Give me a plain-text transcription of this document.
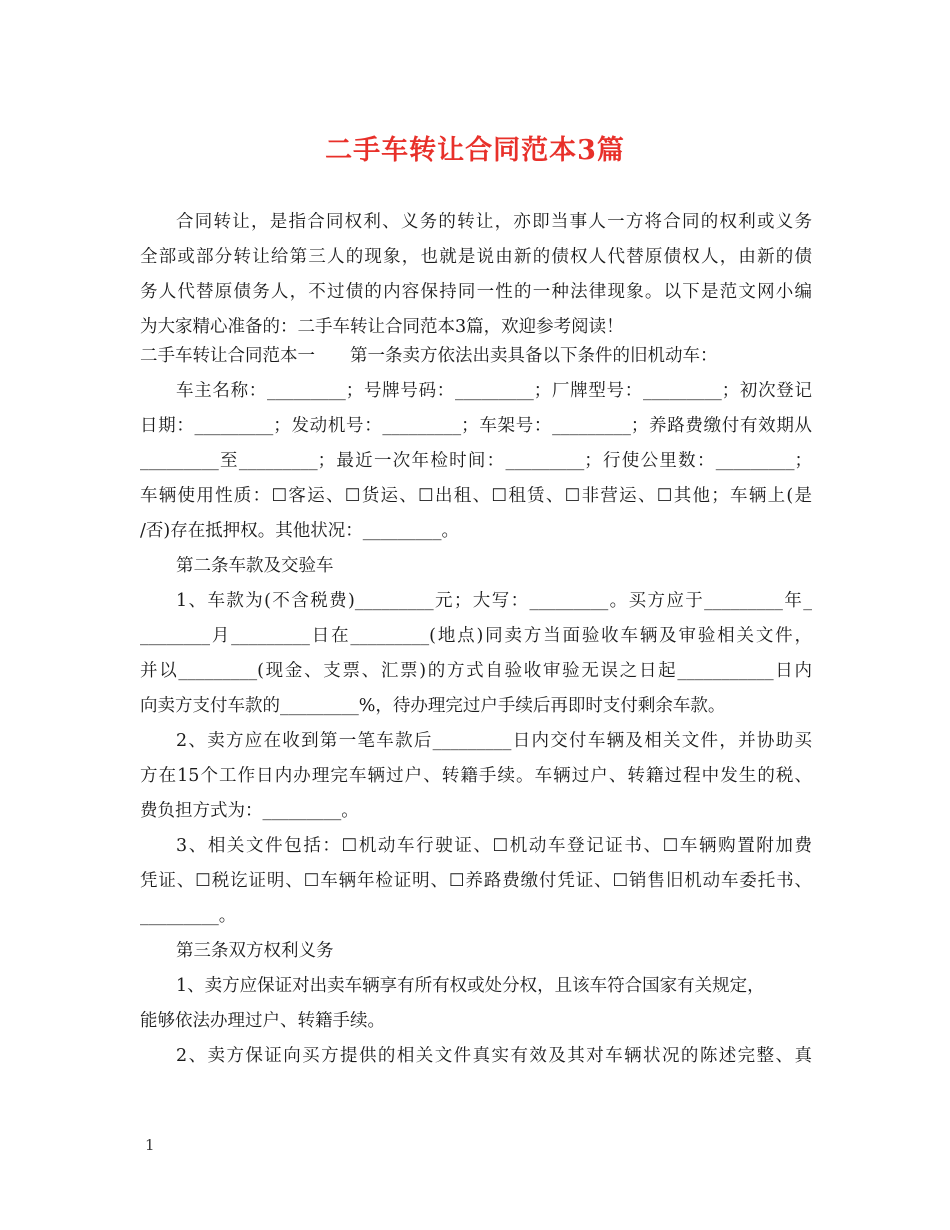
二手车转让合同范本3篇
合同转让，是指合同权利、义务的转让，亦即当事人一方将合同的权利或义务
全部或部分转让给第三人的现象，也就是说由新的债权人代替原债权人，由新的债
务人代替原债务人，不过债的内容保持同一性的一种法律现象。以下是范文网小编
为大家精心准备的：二手车转让合同范本3篇，欢迎参考阅读！
二手车转让合同范本一　　第一条卖方依法出卖具备以下条件的旧机动车：
车主名称：_________；号牌号码：_________；厂牌型号：_________；初次登记
日期：_________；发动机号：_________；车架号：_________；养路费缴付有效期从
_________至_________；最近一次年检时间：_________；行使公里数：_________；
车辆使用性质：☐客运、☐货运、☐出租、☐租赁、☐非营运、☐其他；车辆上(是
/否)存在抵押权。其他状况：_________。
第二条车款及交验车
1、车款为(不含税费)_________元；大写：_________。买方应于_________年_
________月_________日在_________(地点)同卖方当面验收车辆及审验相关文件，
并以_________(现金、支票、汇票)的方式自验收审验无误之日起___________日内
向卖方支付车款的_________%，待办理完过户手续后再即时支付剩余车款。
2、卖方应在收到第一笔车款后_________日内交付车辆及相关文件，并协助买
方在15个工作日内办理完车辆过户、转籍手续。车辆过户、转籍过程中发生的税、
费负担方式为：_________。
3、相关文件包括：☐机动车行驶证、☐机动车登记证书、☐车辆购置附加费
凭证、☐税讫证明、☐车辆年检证明、☐养路费缴付凭证、☐销售旧机动车委托书、
_________。
第三条双方权利义务
1、卖方应保证对出卖车辆享有所有权或处分权，且该车符合国家有关规定，
能够依法办理过户、转籍手续。
2、卖方保证向买方提供的相关文件真实有效及其对车辆状况的陈述完整、真
1
